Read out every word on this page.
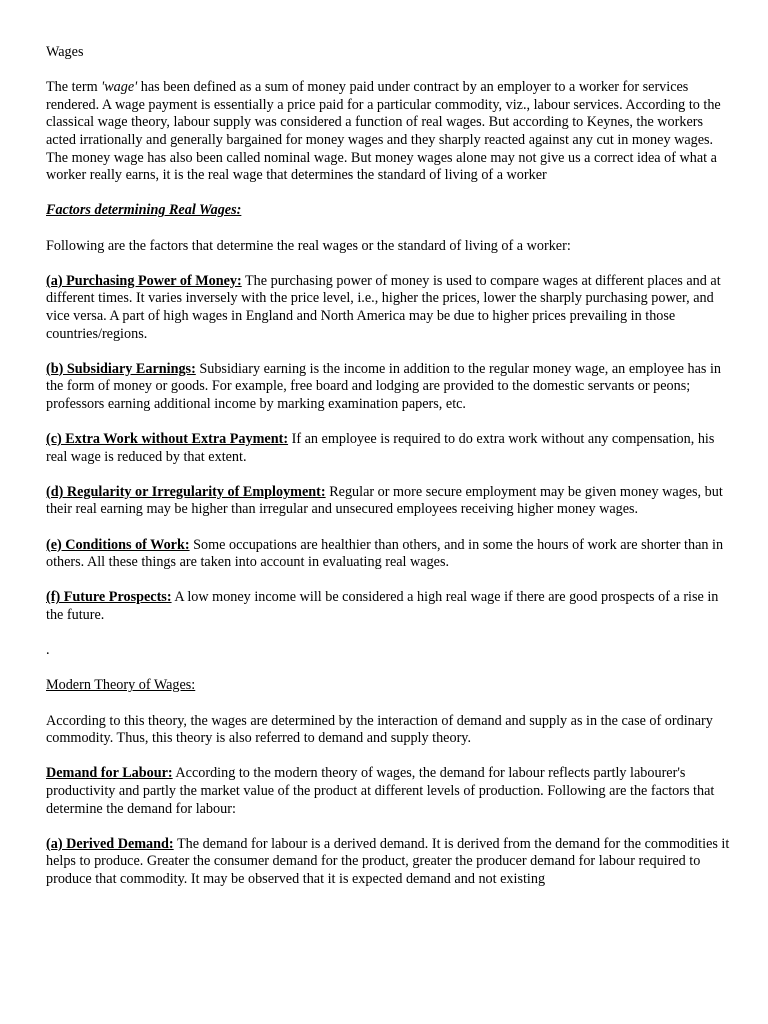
Wages

The term 'wage' has been defined as a sum of money paid under contract by an employer to a worker for services rendered. A wage payment is essentially a price paid for a particular commodity, viz., labour services. According to the classical wage theory, labour supply was considered a function of real wages. But according to Keynes, the workers acted irrationally and generally bargained for money wages and they sharply reacted against any cut in money wages. The money wage has also been called nominal wage. But money wages alone may not give us a correct idea of what a worker really earns, it is the real wage that determines the standard of living of a worker

Factors determining Real Wages:

Following are the factors that determine the real wages or the standard of living of a worker:

(a) Purchasing Power of Money: The purchasing power of money is used to compare wages at different places and at different times. It varies inversely with the price level, i.e., higher the prices, lower the sharply purchasing power, and vice versa. A part of high wages in England and North America may be due to higher prices prevailing in those countries/regions.

(b) Subsidiary Earnings: Subsidiary earning is the income in addition to the regular money wage, an employee has in the form of money or goods. For example, free board and lodging are provided to the domestic servants or peons; professors earning additional income by marking examination papers, etc.

(c) Extra Work without Extra Payment: If an employee is required to do extra work without any compensation, his real wage is reduced by that extent.

(d) Regularity or Irregularity of Employment: Regular or more secure employment may be given money wages, but their real earning may be higher than irregular and unsecured employees receiving higher money wages.

(e) Conditions of Work: Some occupations are healthier than others, and in some the hours of work are shorter than in others. All these things are taken into account in evaluating real wages.

(f) Future Prospects: A low money income will be considered a high real wage if there are good prospects of a rise in the future.

.

Modern Theory of Wages:

According to this theory, the wages are determined by the interaction of demand and supply as in the case of ordinary commodity. Thus, this theory is also referred to demand and supply theory.

Demand for Labour: According to the modern theory of wages, the demand for labour reflects partly labourer's productivity and partly the market value of the product at different levels of production. Following are the factors that determine the demand for labour:

(a) Derived Demand: The demand for labour is a derived demand. It is derived from the demand for the commodities it helps to produce. Greater the consumer demand for the product, greater the producer demand for labour required to produce that commodity. It may be observed that it is expected demand and not existing
